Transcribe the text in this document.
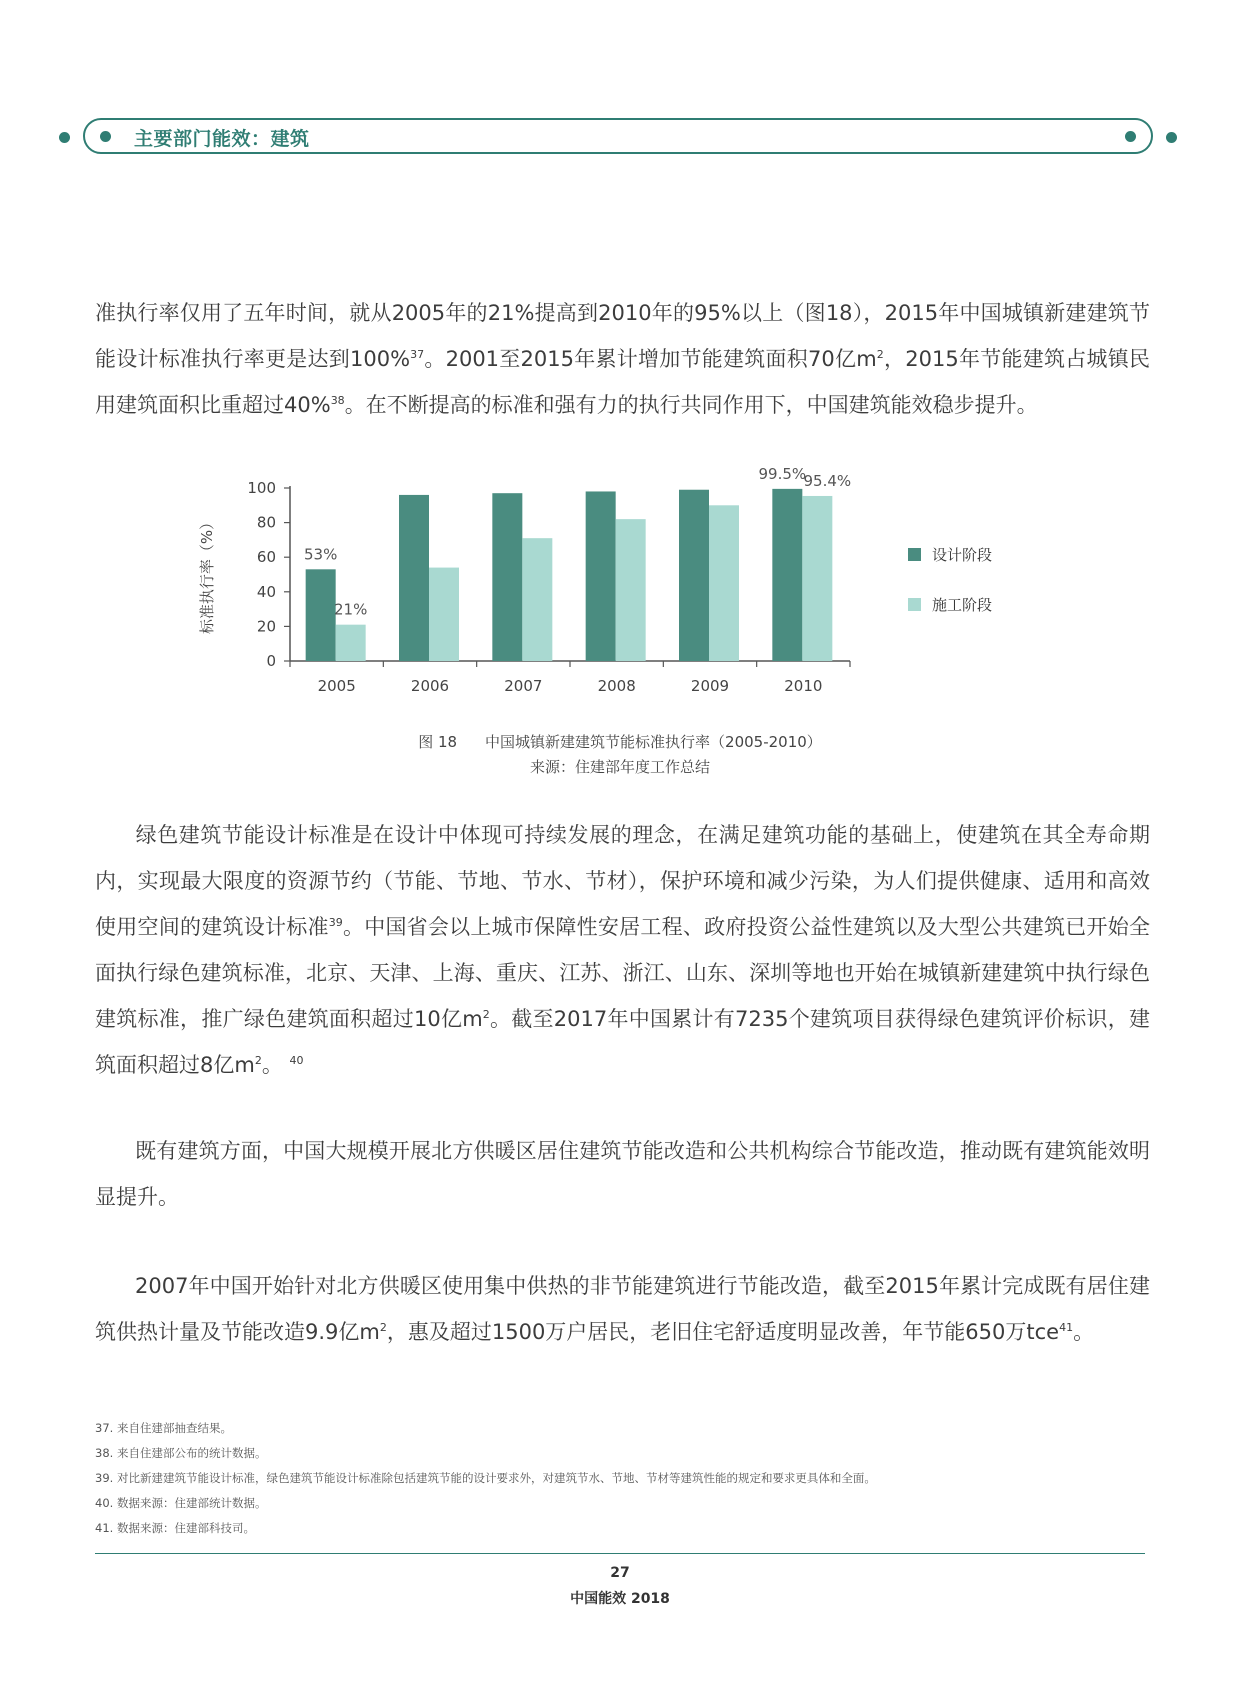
主要部门能效：建筑

准执行率仅用了五年时间，就从2005年的21%提高到2010年的95%以上（图18），2015年中国城镇新建建筑节能设计标准执行率更是达到100%$^{37}$。2001至2015年累计增加节能建筑面积70亿$m^2$，2015年节能建筑占城镇民用建筑面积比重超过40%$^{38}$。在不断提高的标准和强有力的执行共同作用下，中国建筑能效稳步提升。

0
20
40
60
80
100
2005	2006	2007	2008	2009	2010
53%
21%
99.5%
95.4%
标准执行率（%）	设计阶段
施工阶段
图 18 中国城镇新建建筑节能标准执行率（2005-2010）
来源：住建部年度工作总结

绿色建筑节能设计标准是在设计中体现可持续发展的理念，在满足建筑功能的基础上，使建筑在其全寿命期内，实现最大限度的资源节约（节能、节地、节水、节材），保护环境和减少污染，为人们提供健康、适用和高效使用空间的建筑设计标准$^{39}$。中国省会以上城市保障性安居工程、政府投资公益性建筑以及大型公共建筑已开始全面执行绿色建筑标准，北京、天津、上海、重庆、江苏、浙江、山东、深圳等地也开始在城镇新建建筑中执行绿色建筑标准，推广绿色建筑面积超过10亿$m^2$。截至2017年中国累计有7235个建筑项目获得绿色建筑评价标识，建筑面积超过8亿$m^2$。 $^{40}$

既有建筑方面，中国大规模开展北方供暖区居住建筑节能改造和公共机构综合节能改造，推动既有建筑能效明显提升。

2007年中国开始针对北方供暖区使用集中供热的非节能建筑进行节能改造，截至2015年累计完成既有居住建筑供热计量及节能改造9.9亿$m^2$，惠及超过1500万户居民，老旧住宅舒适度明显改善，年节能650万tce$^{41}$。

37. 来自住建部抽查结果。
38. 来自住建部公布的统计数据。
39. 对比新建建筑节能设计标准，绿色建筑节能设计标准除包括建筑节能的设计要求外，对建筑节水、节地、节材等建筑性能的规定和要求更具体和全面。
40. 数据来源：住建部统计数据。
41. 数据来源：住建部科技司。
27
中国能效 2018
